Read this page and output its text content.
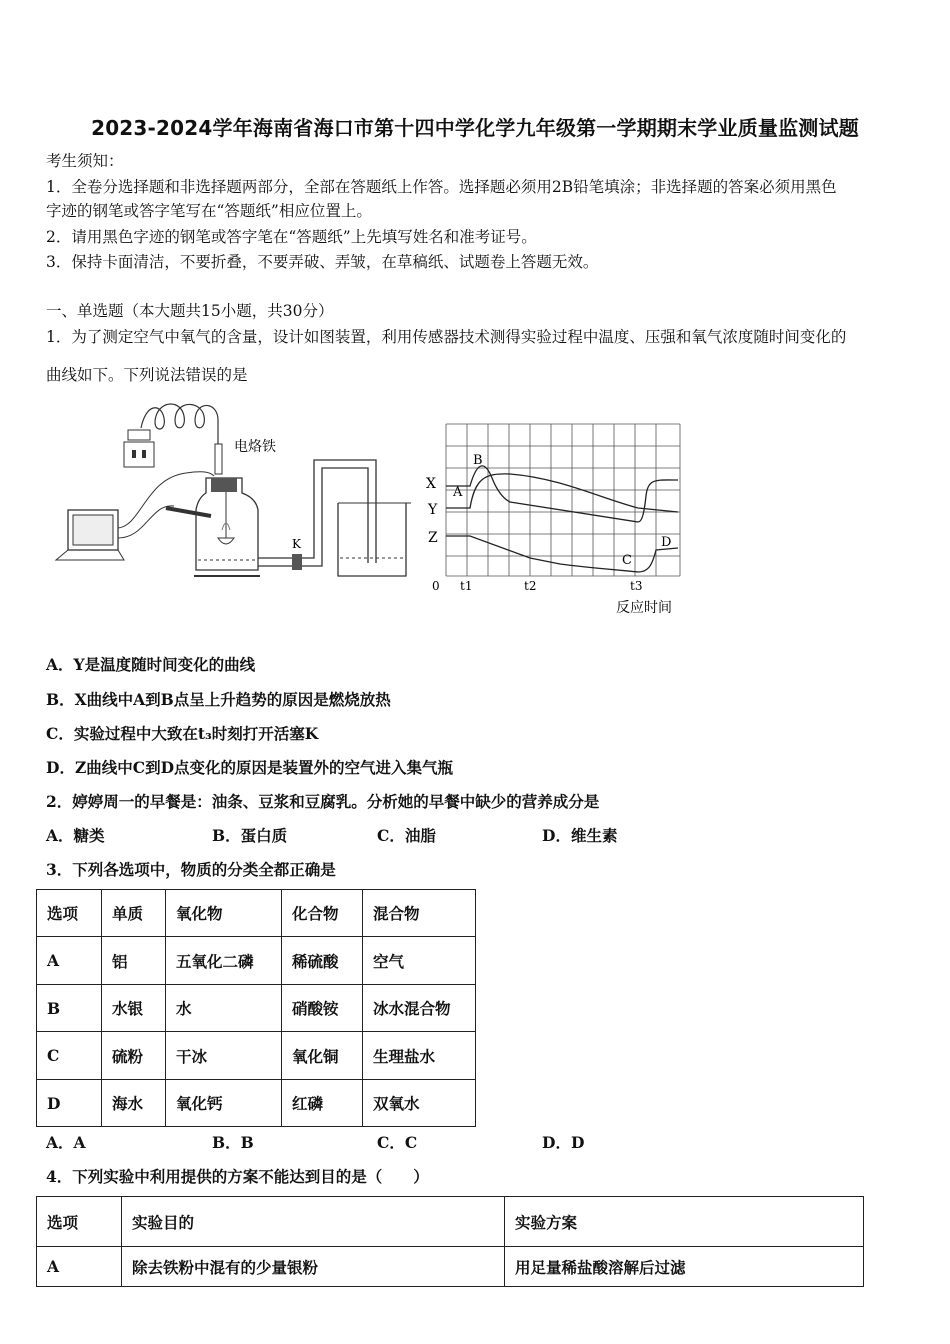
2023-2024学年海南省海口市第十四中学化学九年级第一学期期末学业质量监测试题
考生须知：
1．全卷分选择题和非选择题两部分，全部在答题纸上作答。选择题必须用2B铅笔填涂；非选择题的答案必须用黑色
字迹的钢笔或答字笔写在“答题纸”相应位置上。
2．请用黑色字迹的钢笔或答字笔在“答题纸”上先填写姓名和准考证号。
3．保持卡面清洁，不要折叠，不要弄破、弄皱，在草稿纸、试题卷上答题无效。
一、单选题（本大题共15小题，共30分）
1．为了测定空气中氧气的含量，设计如图装置，利用传感器技术测得实验过程中温度、压强和氧气浓度随时间变化的
曲线如下。下列说法错误的是
电烙铁
K
X
Y
Z
A
B
C
D
0 t1	t2	t3
反应时间
A．Y是温度随时间变化的曲线
B．X曲线中A到B点呈上升趋势的原因是燃烧放热
C．实验过程中大致在t₃时刻打开活塞K
D．Z曲线中C到D点变化的原因是装置外的空气进入集气瓶
2．婷婷周一的早餐是：油条、豆浆和豆腐乳。分析她的早餐中缺少的营养成分是
A．糖类	B．蛋白质	C．油脂	D．维生素
3．下列各选项中，物质的分类全都正确是
选项	单质	氧化物	化合物	混合物
A	铝	五氧化二磷	稀硫酸	空气
B	水银	水	硝酸铵	冰水混合物
C	硫粉	干冰	氧化铜	生理盐水
D	海水	氧化钙	红磷	双氧水
A．A	B．B	C．C	D．D
4．下列实验中利用提供的方案不能达到目的是（　　）
选项	实验目的	实验方案
A	除去铁粉中混有的少量银粉	用足量稀盐酸溶解后过滤
